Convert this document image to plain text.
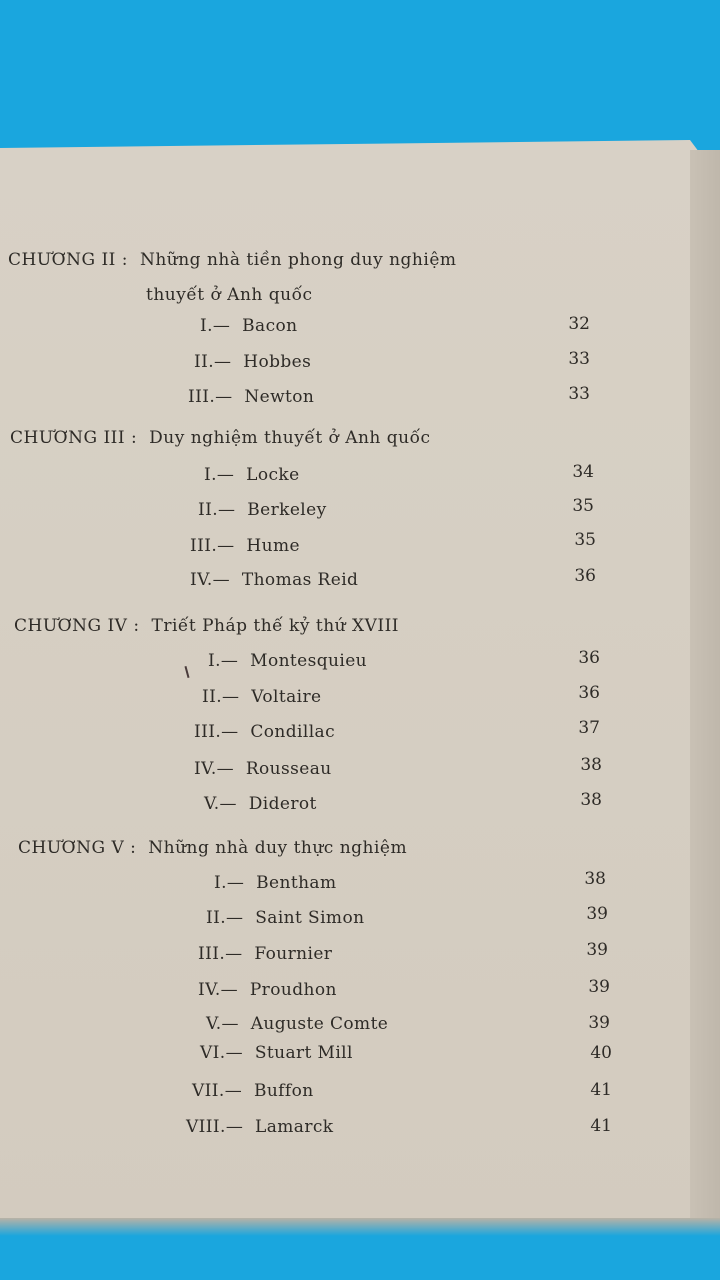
CHƯƠNG II : Những nhà tiền phong duy nghiệm
thuyết ở Anh quốc
I.— Bacon	32
II.— Hobbes	33
III.— Newton	33
CHƯƠNG III : Duy nghiệm thuyết ở Anh quốc
I.— Locke	34
II.— Berkeley	35
III.— Hume	35
IV.— Thomas Reid	36
CHƯƠNG IV : Triết Pháp thế kỷ thứ XVIII
I.— Montesquieu	36
II.— Voltaire	36
III.— Condillac	37
IV.— Rousseau	38
V.— Diderot	38
CHƯƠNG V : Những nhà duy thực nghiệm
I.— Bentham	38
II.— Saint Simon	39
III.— Fournier	39
IV.— Proudhon	39
V.— Auguste Comte	39
VI.— Stuart Mill	40
VII.— Buffon	41
VIII.— Lamarck	41
